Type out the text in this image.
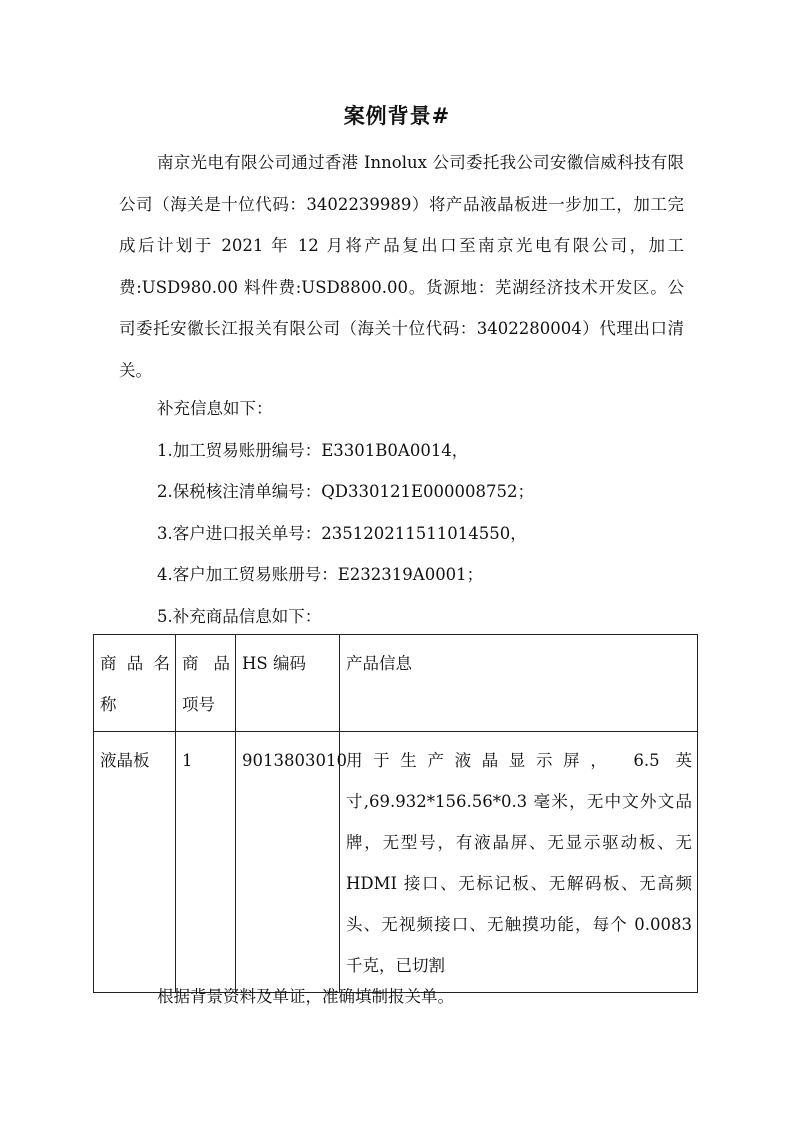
案例背景#
南京光电有限公司通过香港 Innolux 公司委托我公司安徽信威科技有限公司（海关是十位代码：3402239989）将产品液晶板进一步加工，加工完成后计划于 2021 年 12 月将产品复出口至南京光电有限公司，加工费:USD980.00 料件费:USD8800.00。货源地：芜湖经济技术开发区。公司委托安徽长江报关有限公司（海关十位代码：3402280004）代理出口清关。
补充信息如下：
1.加工贸易账册编号：E3301B0A0014，
2.保税核注清单编号：QD330121E000008752；
3.客户进口报关单号：235120211511014550，
4.客户加工贸易账册号：E232319A0001；
5.补充商品信息如下：
商 品 名称	商 品 项号	HS 编码	产品信息
液晶板	1	9013803010	用于生产液晶显示屏， 6.5 英寸,69.932*156.56*0.3 毫米，无中文外文品牌，无型号，有液晶屏、无显示驱动板、无 HDMI 接口、无标记板、无解码板、无高频头、无视频接口、无触摸功能，每个 0.0083 千克，已切割
根据背景资料及单证，准确填制报关单。
